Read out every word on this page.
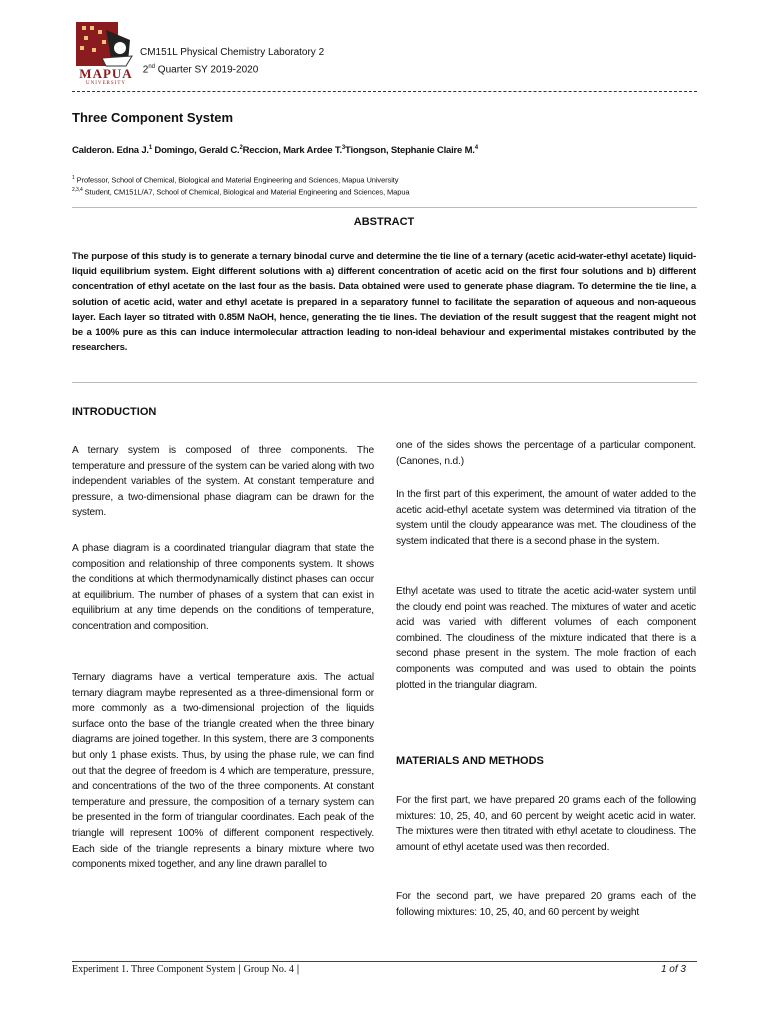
MAPUA
UNIVERSITY
CM151L Physical Chemistry Laboratory 2
2nd Quarter SY 2019-2020
Three Component System
Calderon. Edna J.$^1$ Domingo, Gerald C.$^2$Reccion, Mark Ardee T.$^3$Tiongson, Stephanie Claire M.$^4$
$^1$ Professor, School of Chemical, Biological and Material Engineering and Sciences, Mapua University
$^{2,3,4}$ Student, CM151L/A7, School of Chemical, Biological and Material Engineering and Sciences, Mapua
ABSTRACT
The purpose of this study is to generate a ternary binodal curve and determine the tie line of a ternary (acetic acid-water-ethyl acetate) liquid-liquid equilibrium system. Eight different solutions with a) different concentration of acetic acid on the first four solutions and b) different concentration of ethyl acetate on the last four as the basis. Data obtained were used to generate phase diagram. To determine the tie line, a solution of acetic acid, water and ethyl acetate is prepared in a separatory funnel to facilitate the separation of aqueous and non-aqueous layer. Each layer so titrated with 0.85M NaOH, hence, generating the tie lines. The deviation of the result suggest that the reagent might not be a 100% pure as this can induce intermolecular attraction leading to non-ideal behaviour and experimental mistakes contributed by the researchers.
INTRODUCTION
A ternary system is composed of three components. The temperature and pressure of the system can be varied along with two independent variables of the system. At constant temperature and pressure, a two-dimensional phase diagram can be drawn for the system.
A phase diagram is a coordinated triangular diagram that state the composition and relationship of three components system. It shows the conditions at which thermodynamically distinct phases can occur at equilibrium. The number of phases of a system that can exist in equilibrium at any time depends on the conditions of temperature, concentration and composition.
Ternary diagrams have a vertical temperature axis. The actual ternary diagram maybe represented as a three-dimensional form or more commonly as a two-dimensional projection of the liquids surface onto the base of the triangle created when the three binary diagrams are joined together. In this system, there are 3 components but only 1 phase exists. Thus, by using the phase rule, we can find out that the degree of freedom is 4 which are temperature, pressure, and concentrations of the two of the three components. At constant temperature and pressure, the composition of a ternary system can be presented in the form of triangular coordinates. Each peak of the triangle will represent 100% of different component respectively. Each side of the triangle represents a binary mixture where two components mixed together, and any line drawn parallel to
one of the sides shows the percentage of a particular component. (Canones, n.d.)
In the first part of this experiment, the amount of water added to the acetic acid-ethyl acetate system was determined via titration of the system until the cloudy appearance was met. The cloudiness of the system indicated that there is a second phase in the system.
Ethyl acetate was used to titrate the acetic acid-water system until the cloudy end point was reached. The mixtures of water and acetic acid was varied with different volumes of each component combined. The cloudiness of the mixture indicated that there is a second phase present in the system. The mole fraction of each components was computed and was used to obtain the points plotted in the triangular diagram.
MATERIALS AND METHODS
For the first part, we have prepared 20 grams each of the following mixtures: 10, 25, 40, and 60 percent by weight acetic acid in water. The mixtures were then titrated with ethyl acetate to cloudiness. The amount of ethyl acetate used was then recorded.
For the second part, we have prepared 20 grams each of the following mixtures: 10, 25, 40, and 60 percent by weight
Experiment 1. Three Component System | Group No. 4 |	1 of 3
